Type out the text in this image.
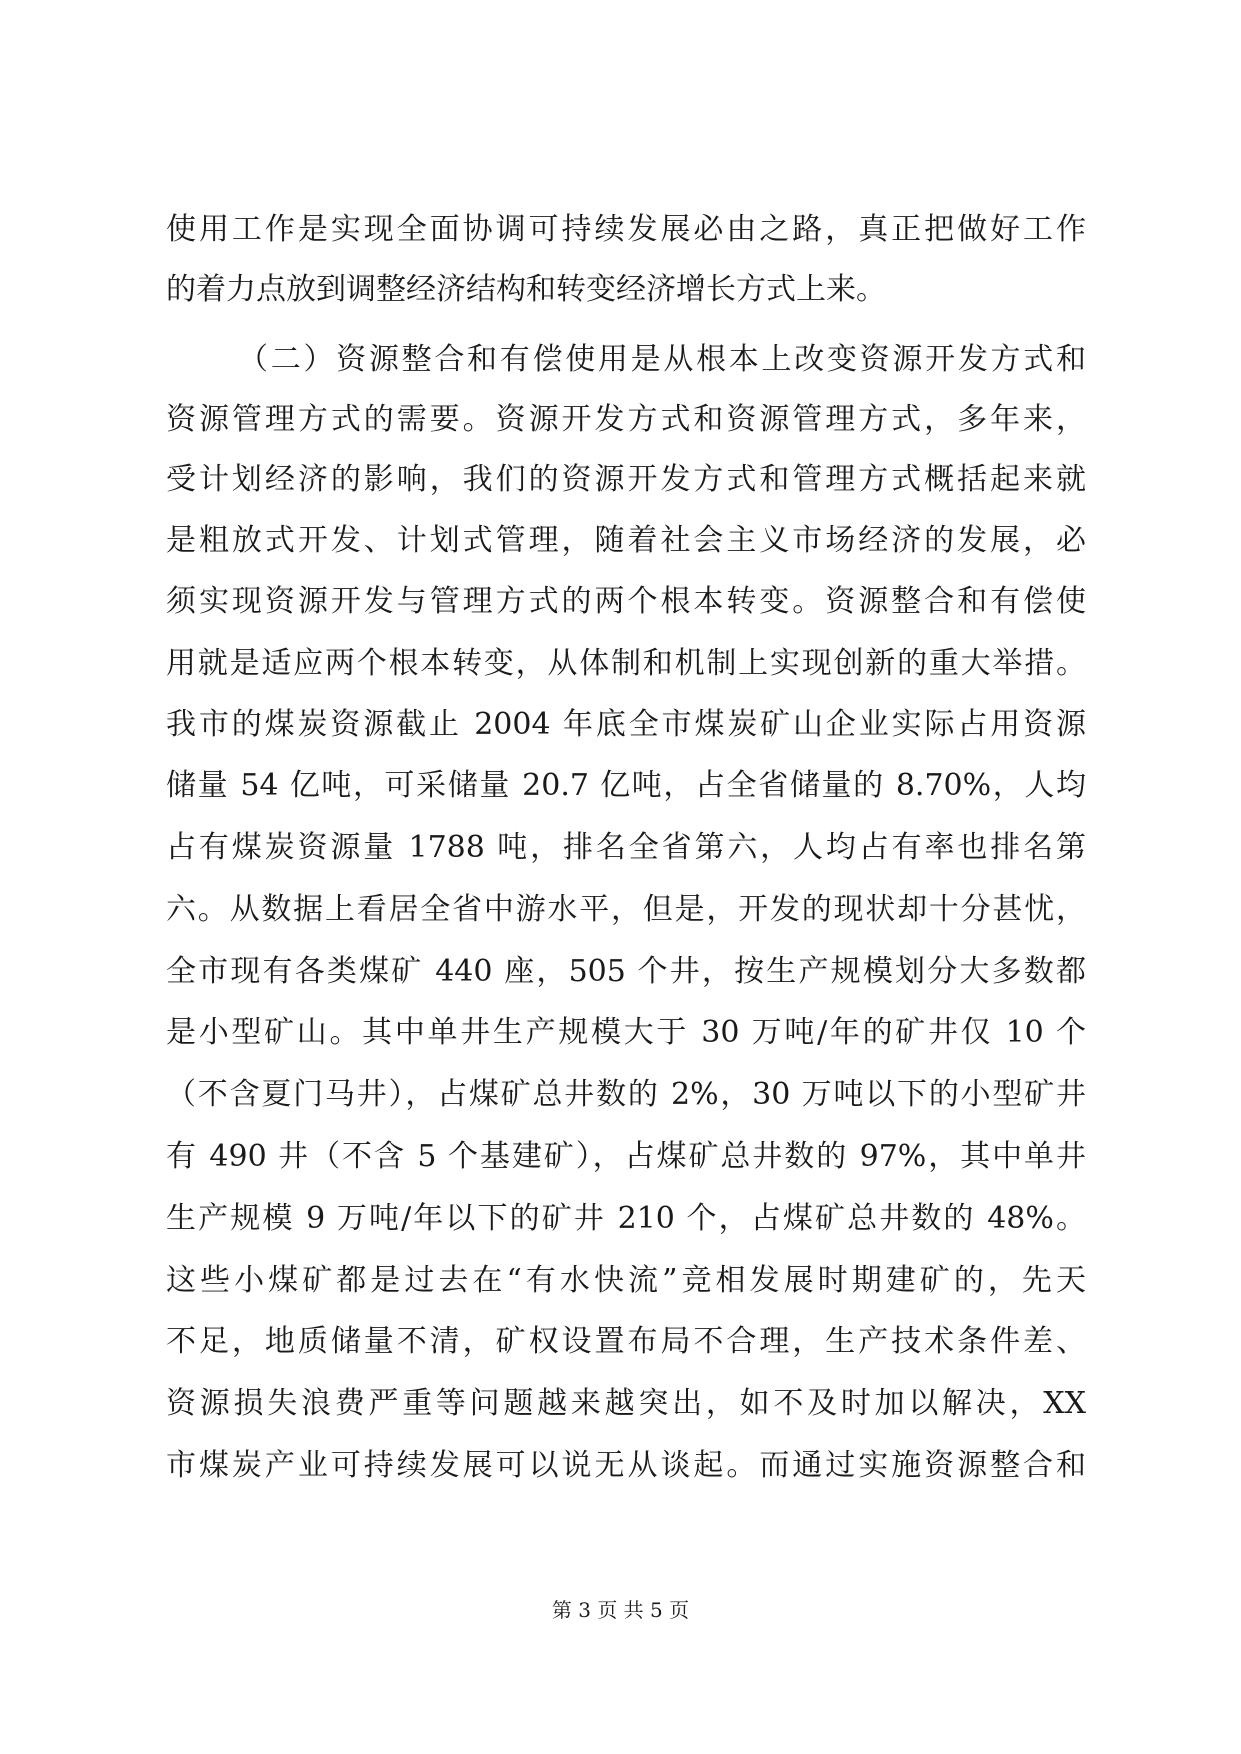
使用工作是实现全面协调可持续发展必由之路，真正把做好工作
的着力点放到调整经济结构和转变经济增长方式上来。
（二）资源整合和有偿使用是从根本上改变资源开发方式和
资源管理方式的需要。资源开发方式和资源管理方式，多年来，
受计划经济的影响，我们的资源开发方式和管理方式概括起来就
是粗放式开发、计划式管理，随着社会主义市场经济的发展，必
须实现资源开发与管理方式的两个根本转变。资源整合和有偿使
用就是适应两个根本转变，从体制和机制上实现创新的重大举措。
我市的煤炭资源截止 2004 年底全市煤炭矿山企业实际占用资源
储量 54 亿吨，可采储量 20.7 亿吨，占全省储量的 8.70%，人均
占有煤炭资源量 1788 吨，排名全省第六，人均占有率也排名第
六。从数据上看居全省中游水平，但是，开发的现状却十分甚忧，
全市现有各类煤矿 440 座，505 个井，按生产规模划分大多数都
是小型矿山。其中单井生产规模大于 30 万吨/年的矿井仅 10 个
（不含夏门马井），占煤矿总井数的 2%，30 万吨以下的小型矿井
有 490 井（不含 5 个基建矿），占煤矿总井数的 97%，其中单井
生产规模 9 万吨/年以下的矿井 210 个，占煤矿总井数的 48%。
这些小煤矿都是过去在“有水快流”竞相发展时期建矿的，先天
不足，地质储量不清，矿权设置布局不合理，生产技术条件差、
资源损失浪费严重等问题越来越突出，如不及时加以解决，XX
市煤炭产业可持续发展可以说无从谈起。而通过实施资源整合和
第 3 页 共 5 页
